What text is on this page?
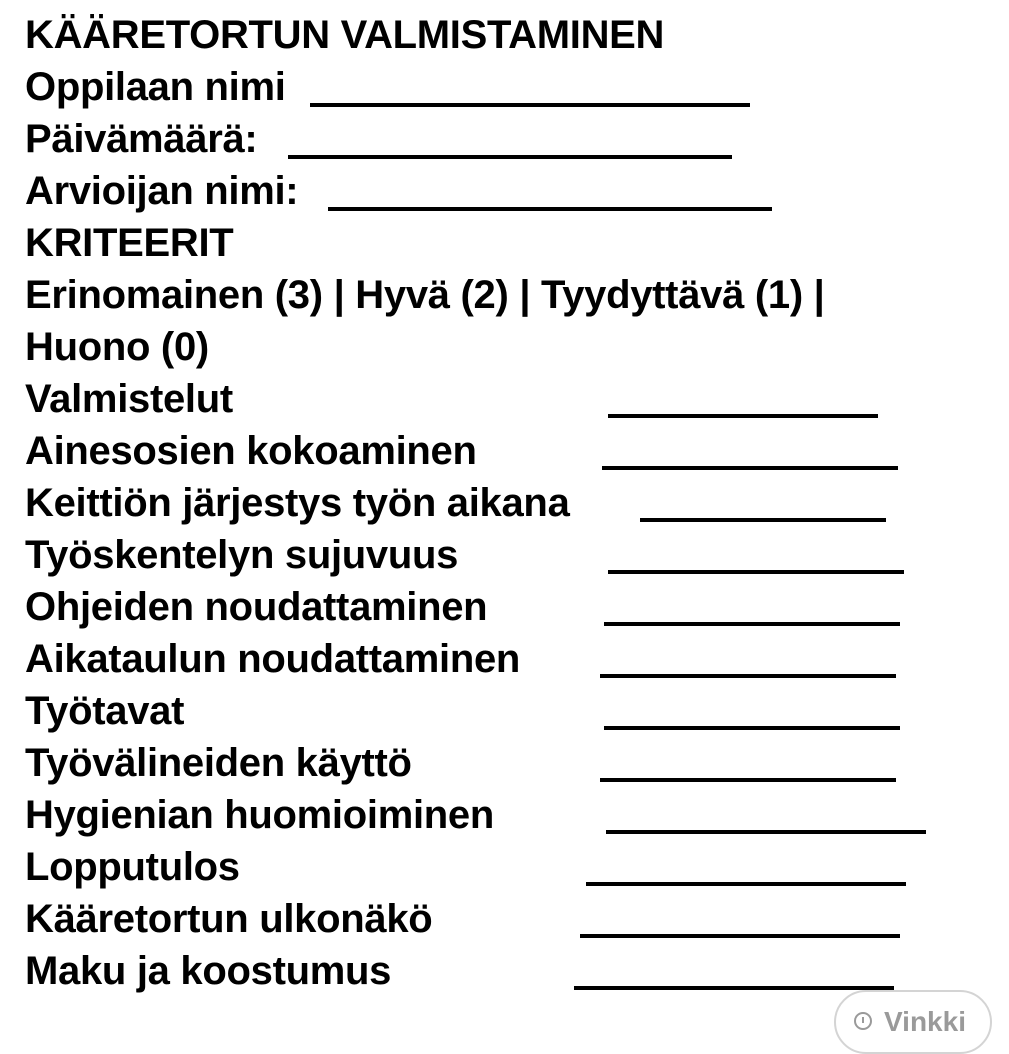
KÄÄRETORTUN VALMISTAMINEN
Oppilaan nimi
Päivämäärä:
Arvioijan nimi:
KRITEERIT
Erinomainen (3) | Hyvä (2) | Tyydyttävä (1) |
Huono (0)
Valmistelut
Ainesosien kokoaminen
Keittiön järjestys työn aikana
Työskentelyn sujuvuus
Ohjeiden noudattaminen
Aikataulun noudattaminen
Työtavat
Työvälineiden käyttö
Hygienian huomioiminen
Lopputulos
Kääretortun ulkonäkö
Maku ja koostumus
Vinkki
